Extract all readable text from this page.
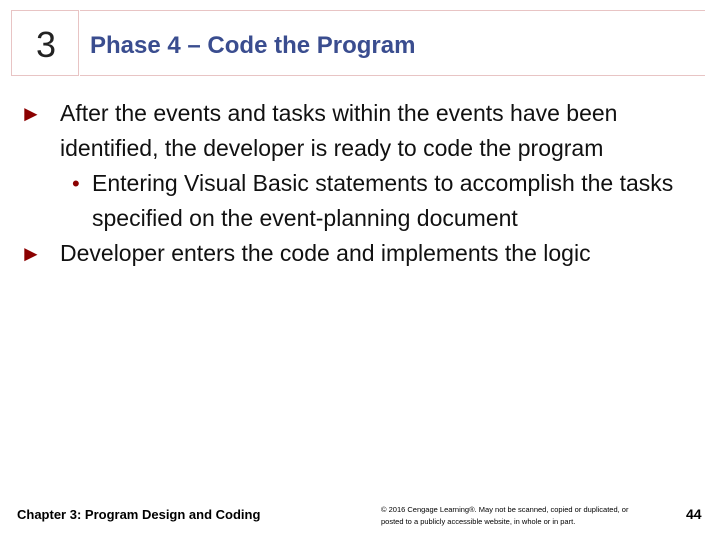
3	Phase 4 – Code the Program
► After the events and tasks within the events have been identified, the developer is ready to code the program
• Entering Visual Basic statements to accomplish the tasks specified on the event-planning document
► Developer enters the code and implements the logic
Chapter 3: Program Design and Coding	© 2016 Cengage Learning®. May not be scanned, copied or duplicated, or posted to a publicly accessible website, in whole or in part.	44
